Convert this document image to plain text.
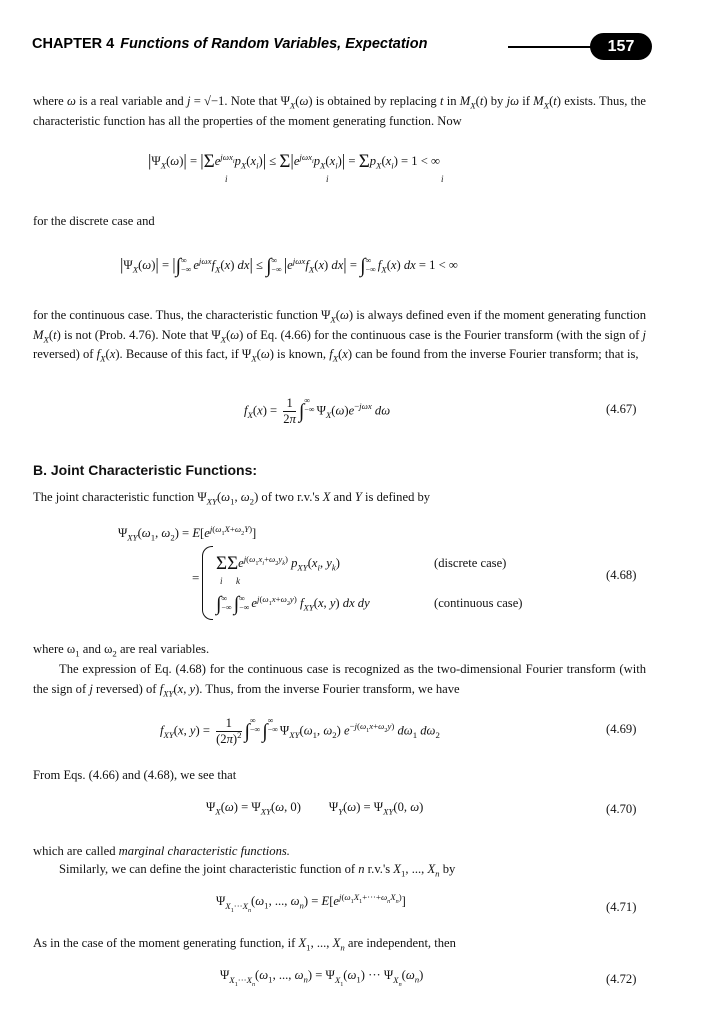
CHAPTER 4 Functions of Random Variables, Expectation	157
where ω is a real variable and j = √−1. Note that $\Psi_X(\omega)$ is obtained by replacing t in $M_X(t)$ by jω if $M_X(t)$ exists. Thus, the characteristic function has all the properties of the moment generating function. Now
$|\Psi_X(\omega)| = |\Sigma e^{j\omega x_i}p_X(x_i)| \le \Sigma|e^{j\omega x_i}p_X(x_i)| = \Sigma p_X(x_i) = 1$ < ∞
i	i	i
for the discrete case and
$|\Psi_X(\omega)|$ = |∫∞
−∞ $e^{j\omega x}f_X(x) dx|$ ≤ ∫∞
−∞ $|e^{j\omega x}f_X(x) dx|$ = ∫∞
−∞ $f_X(x)$ dx = 1 < ∞
for the continuous case. Thus, the characteristic function $\Psi_X(\omega)$ is always defined even if the moment generating function $M_X(t)$ is not (Prob. 4.76). Note that $\Psi_X(\omega)$ of Eq. (4.66) for the continuous case is the Fourier transform (with the sign of j reversed) of $f_X(x)$. Because of this fact, if $\Psi_X(\omega)$ is known, $f_X(x)$ can be found from the inverse Fourier transform; that is,
$f_X(x) = \frac{1}{2\pi}$ ∫∞
−∞ $\Psi_X(\omega)e^{-j\omega x}$ dω	(4.67)
B. Joint Characteristic Functions:
The joint characteristic function $\Psi_{XY}(\omega_1$, $\omega_2$) of two r.v.'s X and Y is defined by
$\Psi_{XY}(\omega_1$, $\omega_2) = E[e^{j(\omega_1X+\omega_2Y)}]$
=
ΣΣe$^{j(\omega_1x_i+\omega_2y_k)}$ $p_{XY}(x_i$, $y_k$)
i k
(discrete case)
(4.68)
∫∞
−∞ ∫∞
−∞ $e^{j(\omega_1x+\omega_2y)}$ $f_{XY}(x$, y) dx dy	(continuous case)
where $\omega_1$ and $\omega_2$ are real variables.
The expression of Eq. (4.68) for the continuous case is recognized as the two-dimensional Fourier transform (with the sign of j reversed) of $f_{XY}(x$, y). Thus, from the inverse Fourier transform, we have
$f_{XY}(x$, $y) = \frac{1}{(2\pi)^2}$ ∫∞
−∞ ∫∞
−∞ $\Psi_{XY}(\omega_1$, $\omega_2$) $e^{-j(\omega_1x+\omega_2y)}$ $d\omega_1$ $d\omega_2$	(4.69)
From Eqs. (4.66) and (4.68), we see that
$\Psi_X(\omega) = \Psi_{XY}(\omega$, 0) $\Psi_Y(\omega) = \Psi_{XY}(0$, ω)	(4.70)
which are called marginal characteristic functions.
Similarly, we can define the joint characteristic function of n r.v.'s $X_1$, ..., $X_n$ by
$\Psi_{X_1\cdot\cdot\cdot X_n}(\omega_1$, ..., $\omega_n) = E[e^{j(\omega_1X_1+\cdot\cdot\cdot+\omega_nX_n)}]$	(4.71)
As in the case of the moment generating function, if $X_1$, ..., $X_n$ are independent, then
$\Psi_{X_1\cdot\cdot\cdot X_n}(\omega_1$, ..., $\omega_n) = \Psi_{X_1}(\omega_1)$ ··· $\Psi_{X_n}(\omega_n)$	(4.72)
